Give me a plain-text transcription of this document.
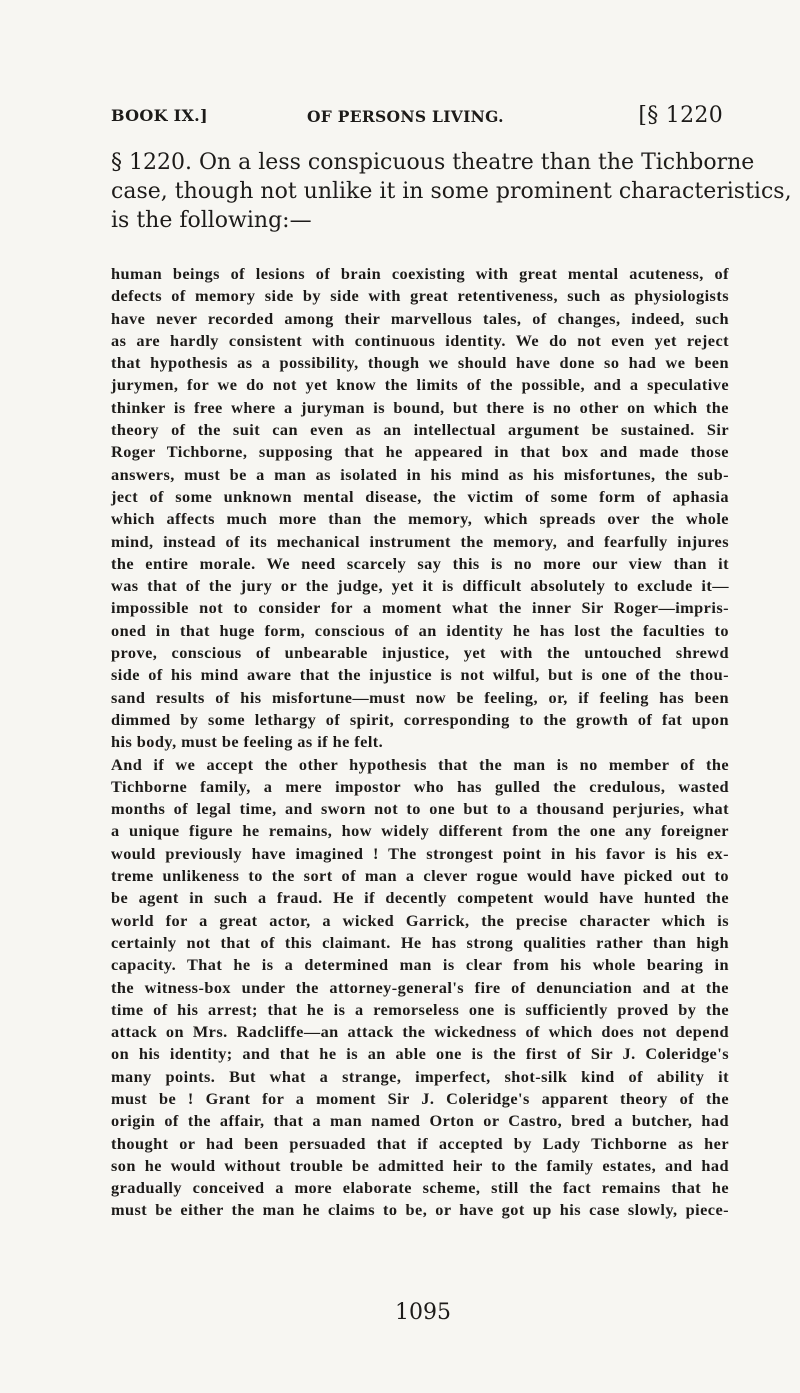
BOOK IX.]	OF PERSONS LIVING.	[§ 1220
§ 1220. On a less conspicuous theatre than the Tichborne
case, though not unlike it in some prominent characteristics,
is the following:—
human beings of lesions of brain coexisting with great mental acuteness, of
defects of memory side by side with great retentiveness, such as physiologists
have never recorded among their marvellous tales, of changes, indeed, such
as are hardly consistent with continuous identity. We do not even yet reject
that hypothesis as a possibility, though we should have done so had we been
jurymen, for we do not yet know the limits of the possible, and a speculative
thinker is free where a juryman is bound, but there is no other on which the
theory of the suit can even as an intellectual argument be sustained. Sir
Roger Tichborne, supposing that he appeared in that box and made those
answers, must be a man as isolated in his mind as his misfortunes, the sub-
ject of some unknown mental disease, the victim of some form of aphasia
which affects much more than the memory, which spreads over the whole
mind, instead of its mechanical instrument the memory, and fearfully injures
the entire morale. We need scarcely say this is no more our view than it
was that of the jury or the judge, yet it is difficult absolutely to exclude it—
impossible not to consider for a moment what the inner Sir Roger—impris-
oned in that huge form, conscious of an identity he has lost the faculties to
prove, conscious of unbearable injustice, yet with the untouched shrewd
side of his mind aware that the injustice is not wilful, but is one of the thou-
sand results of his misfortune—must now be feeling, or, if feeling has been
dimmed by some lethargy of spirit, corresponding to the growth of fat upon
his body, must be feeling as if he felt.
And if we accept the other hypothesis that the man is no member of the
Tichborne family, a mere impostor who has gulled the credulous, wasted
months of legal time, and sworn not to one but to a thousand perjuries, what
a unique figure he remains, how widely different from the one any foreigner
would previously have imagined ! The strongest point in his favor is his ex-
treme unlikeness to the sort of man a clever rogue would have picked out to
be agent in such a fraud. He if decently competent would have hunted the
world for a great actor, a wicked Garrick, the precise character which is
certainly not that of this claimant. He has strong qualities rather than high
capacity. That he is a determined man is clear from his whole bearing in
the witness-box under the attorney-general's fire of denunciation and at the
time of his arrest; that he is a remorseless one is sufficiently proved by the
attack on Mrs. Radcliffe—an attack the wickedness of which does not depend
on his identity; and that he is an able one is the first of Sir J. Coleridge's
many points. But what a strange, imperfect, shot-silk kind of ability it
must be ! Grant for a moment Sir J. Coleridge's apparent theory of the
origin of the affair, that a man named Orton or Castro, bred a butcher, had
thought or had been persuaded that if accepted by Lady Tichborne as her
son he would without trouble be admitted heir to the family estates, and had
gradually conceived a more elaborate scheme, still the fact remains that he
must be either the man he claims to be, or have got up his case slowly, piece-
1095
